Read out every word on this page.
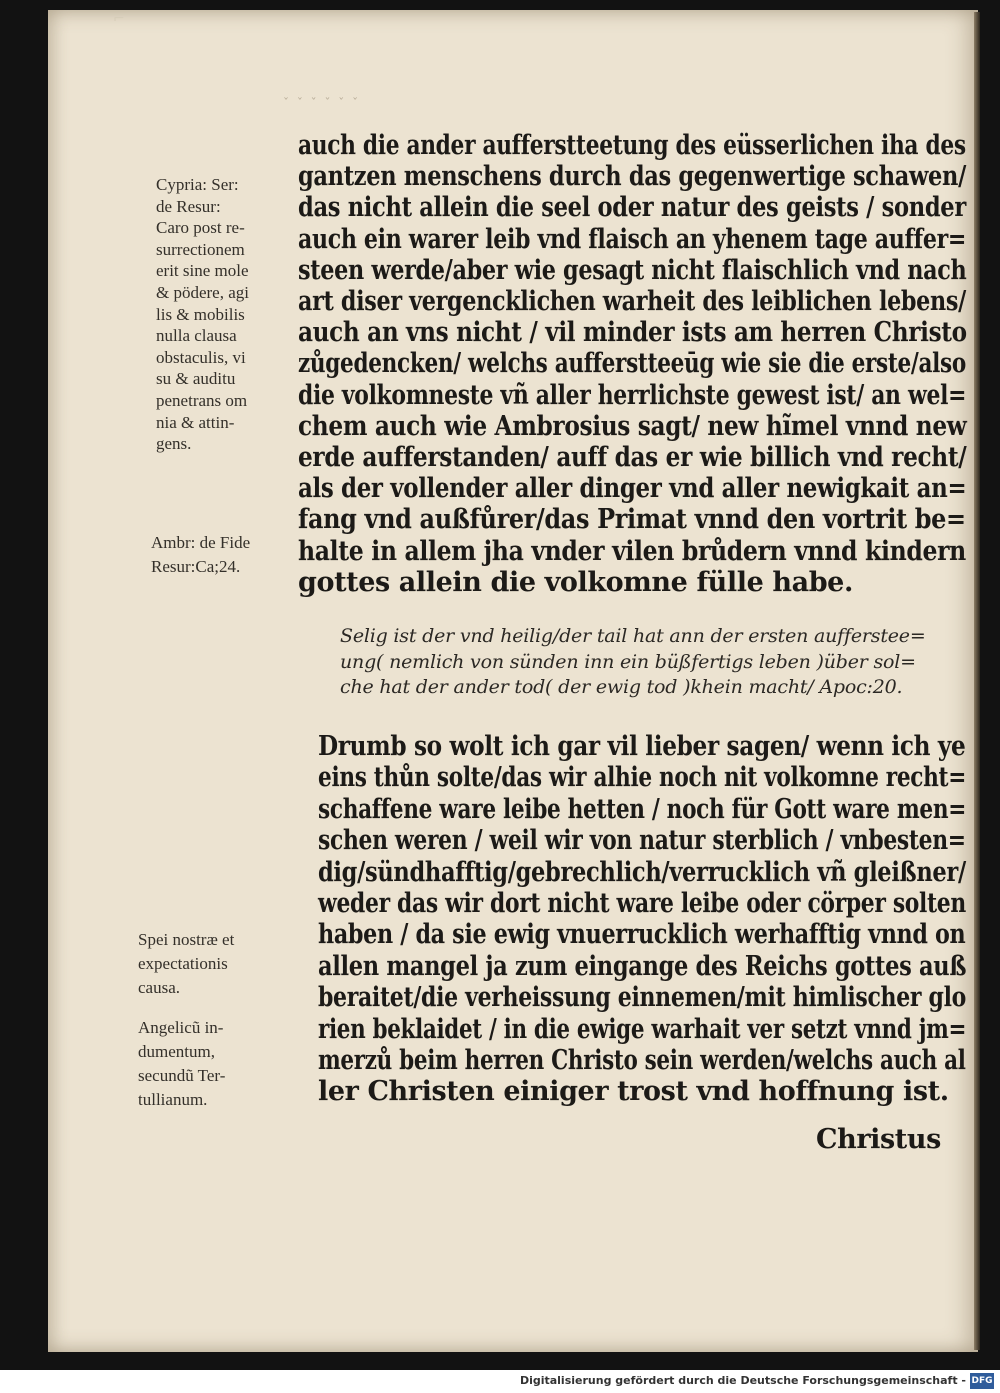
⌐
ˇ ˇ ˇ ˇ ˇ ˇ

auch die ander aufferstteetung des eüsserlichen iha des

gantzen menschens durch das gegenwertige schawen/

das nicht allein die seel oder natur des geists / sonder

auch ein warer leib vnd flaisch an yhenem tage auffer=

steen werde/aber wie gesagt nicht flaischlich vnd nach

art diser vergencklichen warheit des leiblichen lebens/

auch an vns nicht / vil minder ists am herren Christo

zůgedencken/ welchs aufferstteeūg wie sie die erste/also

die volkomneste vñ aller herrlichste gewest ist/ an wel=

chem auch wie Ambrosius sagt/ new hĩmel vnnd new

erde aufferstanden/ auff das er wie billich vnd recht/

als der vollender aller dinger vnd aller newigkait an=

fang vnd außfůrer/das Primat vnnd den vortrit be=

halte in allem jha vnder vilen brůdern vnnd kindern

gottes allein die volkomne fülle habe.

Selig ist der vnd heilig/der tail hat ann der ersten aufferstee=

ung( nemlich von sünden inn ein büßfertigs leben )über sol=

che hat der ander tod( der ewig tod )khein macht/ Apoc:20.

Drumb so wolt ich gar vil lieber sagen/ wenn ich ye

eins thůn solte/das wir alhie noch nit volkomne recht=

schaffene ware leibe hetten / noch für Gott ware men=

schen weren / weil wir von natur sterblich / vnbesten=

dig/sündhafftig/gebrechlich/verrucklich vñ gleißner/

weder das wir dort nicht ware leibe oder cörper solten

haben / da sie ewig vnuerrucklich werhafftig vnnd on

allen mangel ja zum eingange des Reichs gottes auß

beraitet/die verheissung einnemen/mit himlischer glo

rien beklaidet / in die ewige warhait ver setzt vnnd jm=

merzů beim herren Christo sein werden/welchs auch al

ler Christen einiger trost vnd hoffnung ist.

Christus

Cypria: Ser:

de Resur:

Caro post re-

surrectionem

erit sine mole

& pödere, agi

lis & mobilis

nulla clausa

obstaculis, vi

su & auditu

penetrans om

nia & attin-

gens.

Ambr: de Fide

Resur:Ca;24.

Spei nostræ et

expectationis

causa.

Angelicũ in-

dumentum,

secundũ Ter-

tullianum.

Digitalisierung gefördert durch die Deutsche Forschungsgemeinschaft - DFG
